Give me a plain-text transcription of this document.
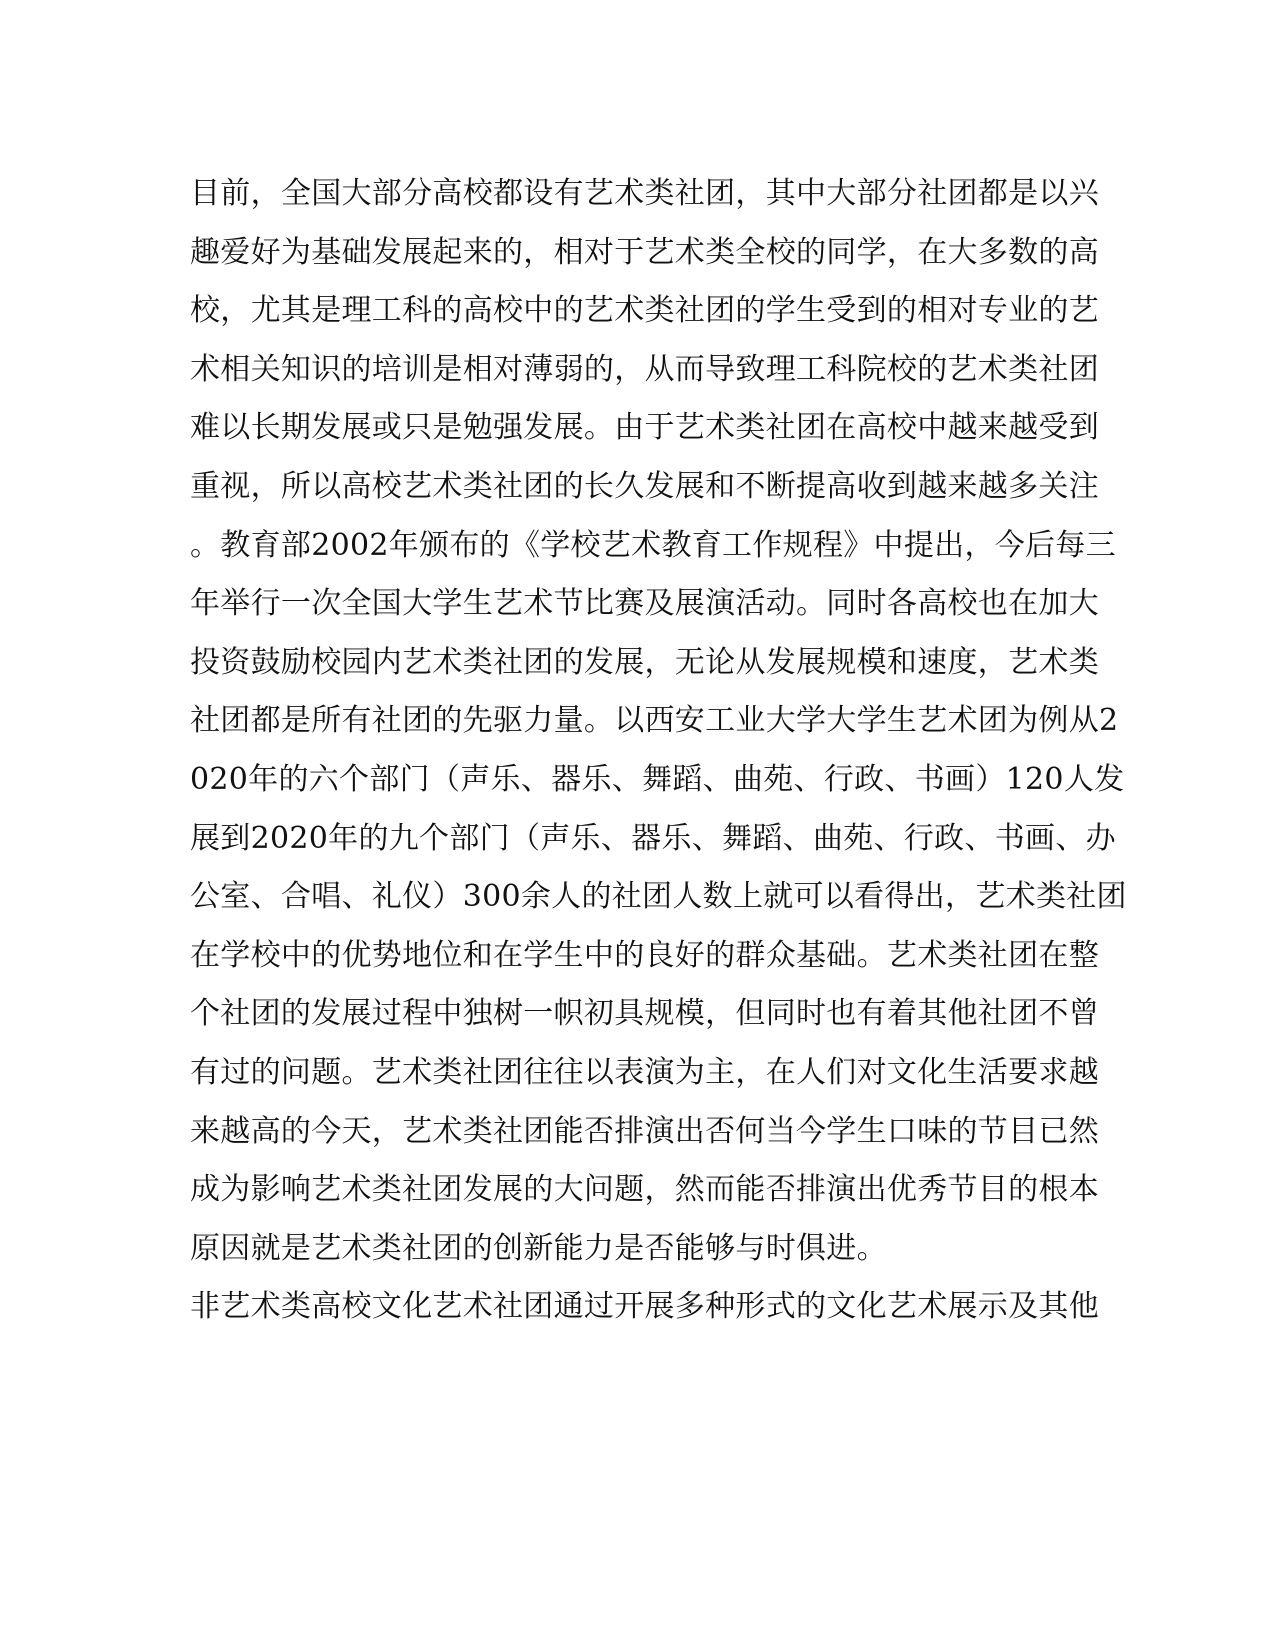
目前，全国大部分高校都设有艺术类社团，其中大部分社团都是以兴
趣爱好为基础发展起来的，相对于艺术类全校的同学，在大多数的高
校，尤其是理工科的高校中的艺术类社团的学生受到的相对专业的艺
术相关知识的培训是相对薄弱的，从而导致理工科院校的艺术类社团
难以长期发展或只是勉强发展。由于艺术类社团在高校中越来越受到
重视，所以高校艺术类社团的长久发展和不断提高收到越来越多关注
。教育部2002年颁布的《学校艺术教育工作规程》中提出，今后每三
年举行一次全国大学生艺术节比赛及展演活动。同时各高校也在加大
投资鼓励校园内艺术类社团的发展，无论从发展规模和速度，艺术类
社团都是所有社团的先驱力量。以西安工业大学大学生艺术团为例从2
020年的六个部门（声乐、器乐、舞蹈、曲苑、行政、书画）120人发
展到2020年的九个部门（声乐、器乐、舞蹈、曲苑、行政、书画、办
公室、合唱、礼仪）300余人的社团人数上就可以看得出，艺术类社团
在学校中的优势地位和在学生中的良好的群众基础。艺术类社团在整
个社团的发展过程中独树一帜初具规模，但同时也有着其他社团不曾
有过的问题。艺术类社团往往以表演为主，在人们对文化生活要求越
来越高的今天，艺术类社团能否排演出否何当今学生口味的节目已然
成为影响艺术类社团发展的大问题，然而能否排演出优秀节目的根本
原因就是艺术类社团的创新能力是否能够与时俱进。
非艺术类高校文化艺术社团通过开展多种形式的文化艺术展示及其他
